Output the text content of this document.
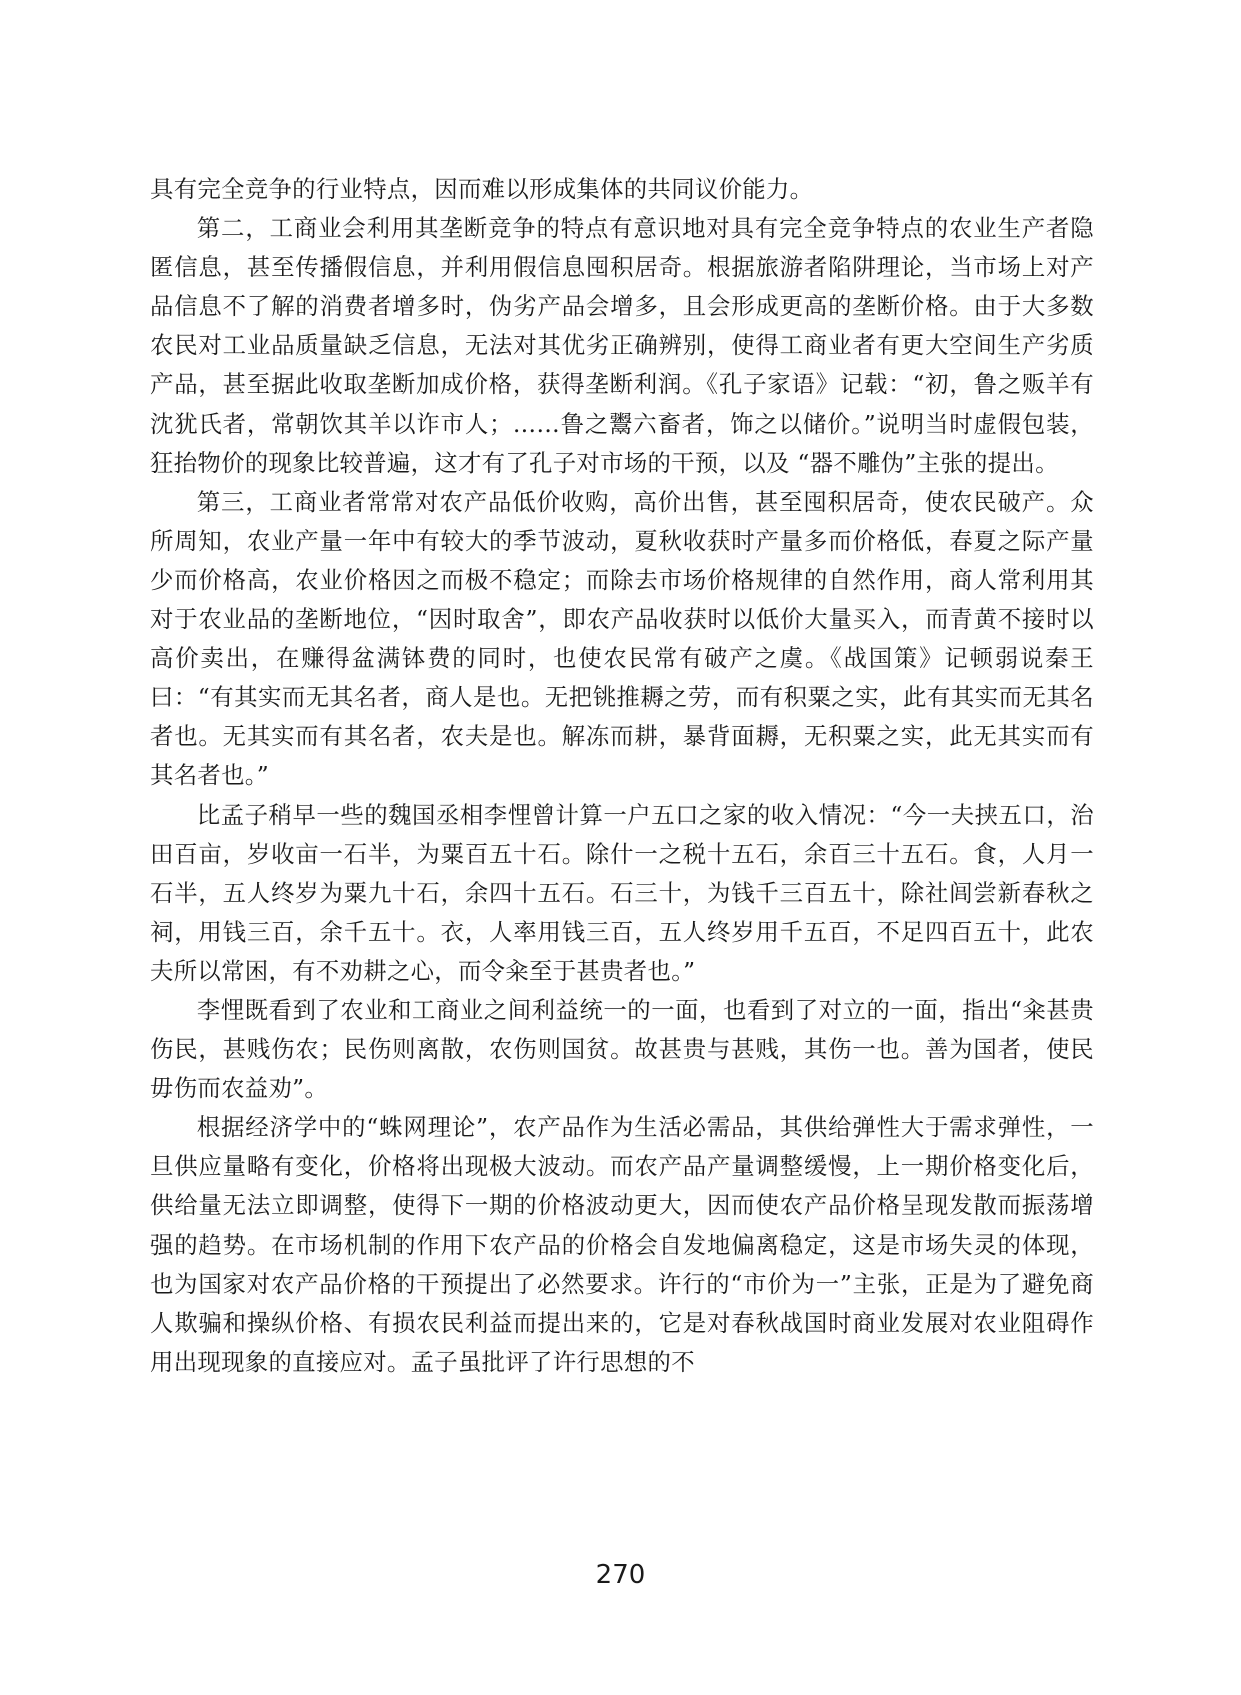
具有完全竞争的行业特点，因而难以形成集体的共同议价能力。

第二，工商业会利用其垄断竞争的特点有意识地对具有完全竞争特点的农业生产者隐匿信息，甚至传播假信息，并利用假信息囤积居奇。根据旅游者陷阱理论，当市场上对产品信息不了解的消费者增多时，伪劣产品会增多，且会形成更高的垄断价格。由于大多数农民对工业品质量缺乏信息，无法对其优劣正确辨别，使得工商业者有更大空间生产劣质产品，甚至据此收取垄断加成价格，获得垄断利润。《孔子家语》记载：“初，鲁之贩羊有沈犹氏者，常朝饮其羊以诈市人；……鲁之鬻六畜者，饰之以储价。”说明当时虚假包装，狂抬物价的现象比较普遍，这才有了孔子对市场的干预，以及 “器不雕伪”主张的提出。

第三，工商业者常常对农产品低价收购，高价出售，甚至囤积居奇，使农民破产。众所周知，农业产量一年中有较大的季节波动，夏秋收获时产量多而价格低，春夏之际产量少而价格高，农业价格因之而极不稳定；而除去市场价格规律的自然作用，商人常利用其对于农业品的垄断地位，“因时取舍”，即农产品收获时以低价大量买入，而青黄不接时以高价卖出，在赚得盆满钵费的同时，也使农民常有破产之虞。《战国策》记顿弱说秦王曰：“有其实而无其名者，商人是也。无把铫推耨之劳，而有积粟之实，此有其实而无其名者也。无其实而有其名者，农夫是也。解冻而耕，暴背面耨，无积粟之实，此无其实而有其名者也。”

比孟子稍早一些的魏国丞相李悝曾计算一户五口之家的收入情况：“今一夫挟五口，治田百亩，岁收亩一石半，为粟百五十石。除什一之税十五石，余百三十五石。食，人月一石半，五人终岁为粟九十石，余四十五石。石三十，为钱千三百五十，除社闾尝新春秋之祠，用钱三百，余千五十。衣，人率用钱三百，五人终岁用千五百，不足四百五十，此农夫所以常困，有不劝耕之心，而令籴至于甚贵者也。”

李悝既看到了农业和工商业之间利益统一的一面，也看到了对立的一面，指出“籴甚贵伤民，甚贱伤农；民伤则离散，农伤则国贫。故甚贵与甚贱，其伤一也。善为国者，使民毋伤而农益劝”。

根据经济学中的“蛛网理论”，农产品作为生活必需品，其供给弹性大于需求弹性，一旦供应量略有变化，价格将出现极大波动。而农产品产量调整缓慢，上一期价格变化后，供给量无法立即调整，使得下一期的价格波动更大，因而使农产品价格呈现发散而振荡增强的趋势。在市场机制的作用下农产品的价格会自发地偏离稳定，这是市场失灵的体现，也为国家对农产品价格的干预提出了必然要求。许行的“市价为一”主张，正是为了避免商人欺骗和操纵价格、有损农民利益而提出来的，它是对春秋战国时商业发展对农业阻碍作用出现现象的直接应对。孟子虽批评了许行思想的不

270
